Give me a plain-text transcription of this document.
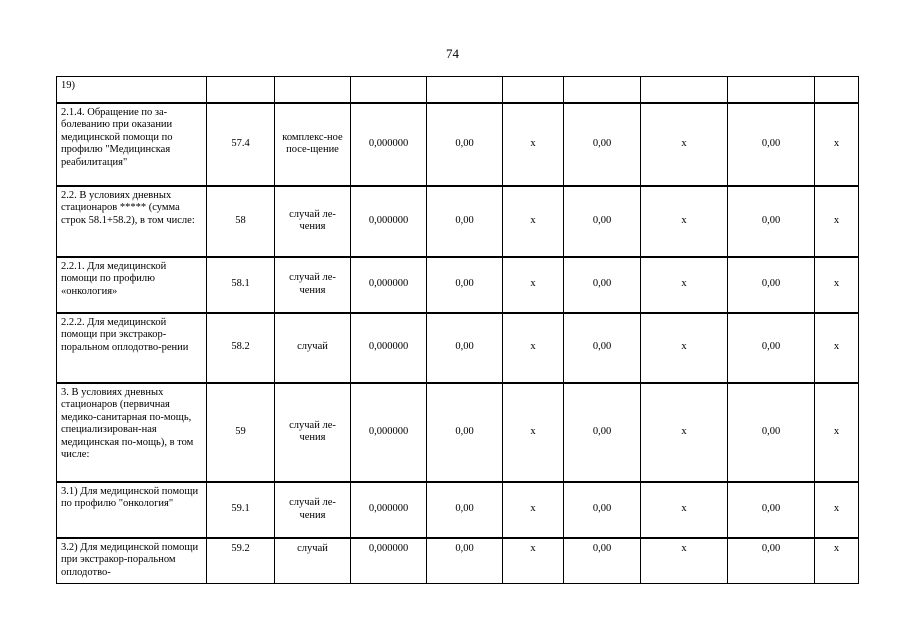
74
19)									
2.1.4. Обращение по за-болеванию при оказании медицинской помощи по профилю "Медицинская реабилитация"	57.4	комплекс-ное посе-щение	0,000000	0,00	х	0,00	х	0,00	х
2.2. В условиях дневных стационаров ***** (сумма строк 58.1+58.2), в том числе:	58	случай ле-чения	0,000000	0,00	х	0,00	х	0,00	х
2.2.1. Для медицинской помощи по профилю «онкология»	58.1	случай ле-чения	0,000000	0,00	х	0,00	х	0,00	х
2.2.2. Для медицинской помощи при экстракор-поральном оплодотво-рении	58.2	случай	0,000000	0,00	х	0,00	х	0,00	х
3. В условиях дневных стационаров (первичная медико-санитарная по-мощь, специализирован-ная медицинская по-мощь), в том числе:	59	случай ле-чения	0,000000	0,00	х	0,00	х	0,00	х
3.1) Для медицинской помощи по профилю "онкология"	59.1	случай ле-чения	0,000000	0,00	х	0,00	х	0,00	х
3.2) Для медицинской помощи при экстракор-поральном оплодотво-	59.2	случай	0,000000	0,00	х	0,00	х	0,00	х
